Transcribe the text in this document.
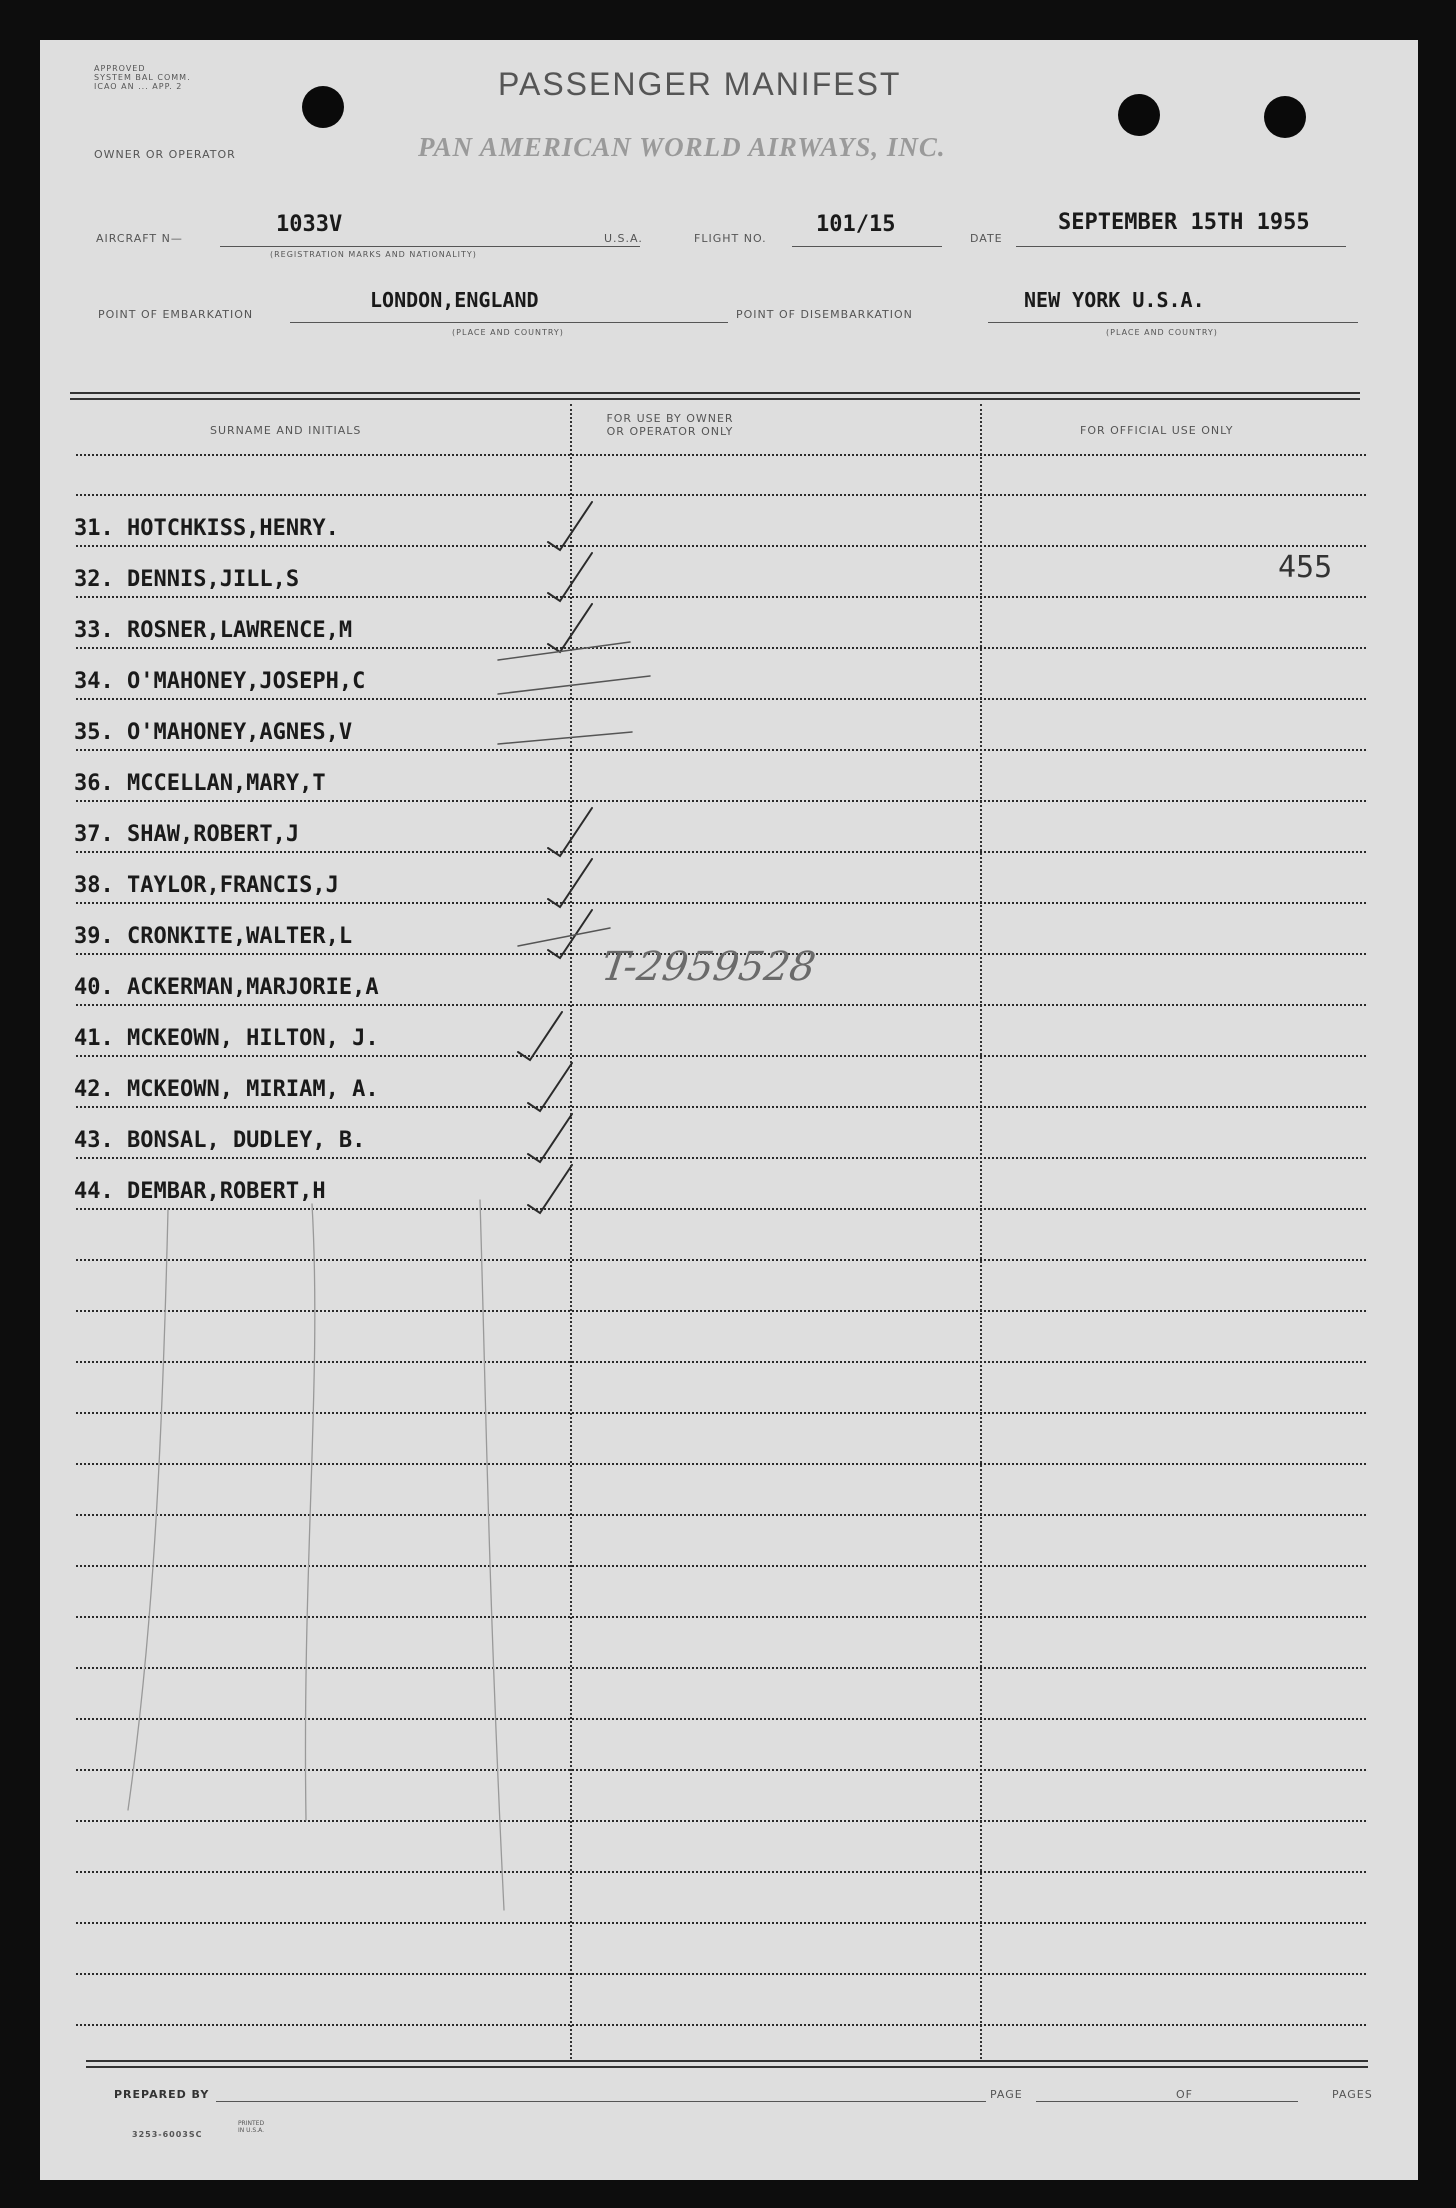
APPROVED
SYSTEM BAL COMM.
ICAO AN ... APP. 2	PASSENGER MANIFEST
OWNER OR OPERATOR	PAN AMERICAN WORLD AIRWAYS, INC.
AIRCRAFT N—
1033V
(REGISTRATION MARKS AND NATIONALITY)
U.S.A.	FLIGHT NO.
101/15
DATE
SEPTEMBER 15TH 1955
POINT OF EMBARKATION
LONDON,ENGLAND
(PLACE AND COUNTRY)
POINT OF DISEMBARKATION
NEW YORK U.S.A.
(PLACE AND COUNTRY)
SURNAME AND INITIALS
FOR USE BY OWNER
OR OPERATOR ONLY	FOR OFFICIAL USE ONLY
31. HOTCHKISS,HENRY.
32. DENNIS,JILL,S
33. ROSNER,LAWRENCE,M
34. O'MAHONEY,JOSEPH,C
35. O'MAHONEY,AGNES,V
36. MCCELLAN,MARY,T
37. SHAW,ROBERT,J
38. TAYLOR,FRANCIS,J
39. CRONKITE,WALTER,L
40. ACKERMAN,MARJORIE,A
41. MCKEOWN, HILTON, J.
42. MCKEOWN, MIRIAM, A.
43. BONSAL, DUDLEY, B.
44. DEMBAR,ROBERT,H
455
T-2959528
PREPARED BY	PAGE	OF	PAGES
3253-6003SC
PRINTED IN U.S.A.
